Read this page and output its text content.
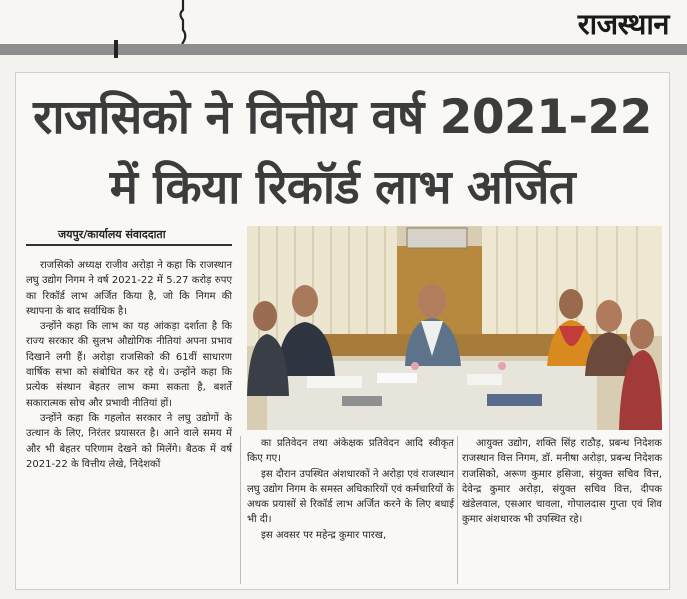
राजस्थान
राजसिको ने वित्तीय वर्ष 2021-22
में किया रिकॉर्ड लाभ अर्जित
जयपुर/कार्यालय संवाददाता

राजसिको अध्यक्ष राजीव अरोड़ा ने कहा कि राजस्थान लघु उद्योग निगम ने वर्ष 2021-22 में 5.27 करोड़ रुपए का रिकॉर्ड लाभ अर्जित किया है, जो कि निगम की स्थापना के बाद सर्वाधिक है।

उन्होंने कहा कि लाभ का यह आंकड़ा दर्शाता है कि राज्य सरकार की सुलभ औद्योगिक नीतियां अपना प्रभाव दिखाने लगी हैं। अरोड़ा राजसिको की 61वीं साधारण वार्षिक सभा को संबोधित कर रहे थे। उन्होंने कहा कि प्रत्येक संस्थान बेहतर लाभ कमा सकता है, बशर्ते सकारात्मक सोच और प्रभावी नीतियां हों।

उन्होंने कहा कि गहलोत सरकार ने लघु उद्योगों के उत्थान के लिए, निरंतर प्रयासरत है। आने वाले समय में और भी बेहतर परिणाम देखने को मिलेंगे। बैठक में वर्ष 2021-22 के वित्तीय लेखे, निदेशकों

का प्रतिवेदन तथा अंकेक्षक प्रतिवेदन आदि स्वीकृत किए गए।

इस दौरान उपस्थित अंशधारकों ने अरोड़ा एवं राजस्थान लघु उद्योग निगम के समस्त अधिकारियों एवं कर्मचारियों के अथक प्रयासों से रिकॉर्ड लाभ अर्जित करने के लिए बधाई भी दी।

इस अवसर पर महेन्द्र कुमार पारख,

आयुक्त उद्योग, शक्ति सिंह राठौड़, प्रबन्ध निदेशक राजस्थान वित्त निगम, डॉ. मनीषा अरोड़ा, प्रबन्ध निदेशक राजसिको, अरूण कुमार हसिजा, संयुक्त सचिव वित्त, देवेन्द्र कुमार अरोड़ा, संयुक्त सचिव वित्त, दीपक खंडेलवाल, एसआर चावला, गोपालदास गुप्ता एवं शिव कुमार अंशधारक भी उपस्थित रहे।
